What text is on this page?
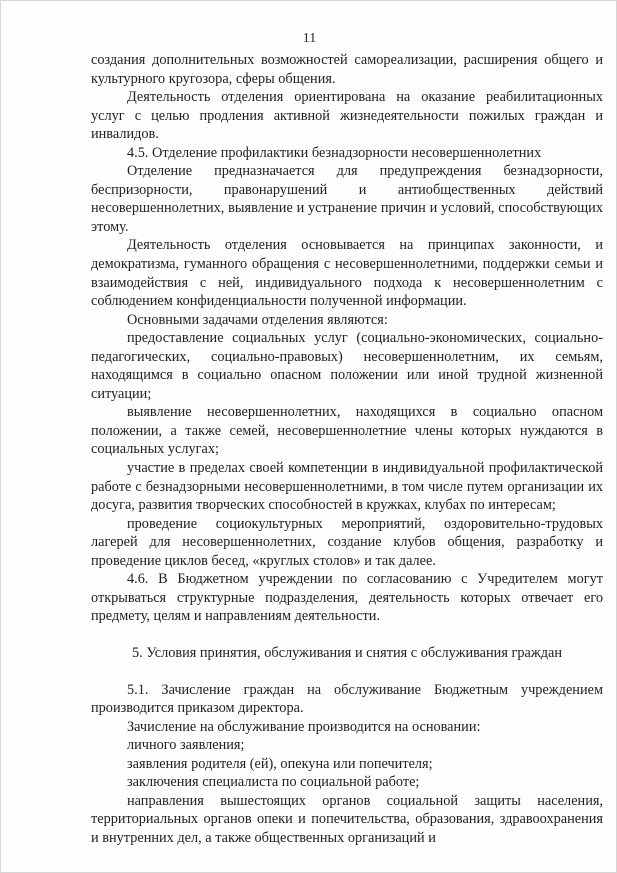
11

создания дополнительных возможностей самореализации, расширения общего и культурного кругозора, сферы общения.

Деятельность отделения ориентирована на оказание реабилитационных услуг с целью продления активной жизнедеятельности пожилых граждан и инвалидов.

4.5. Отделение профилактики безнадзорности несовершеннолетних

Отделение предназначается для предупреждения безнадзорности, беспризорности, правонарушений и антиобщественных действий несовершеннолетних, выявление и устранение причин и условий, способствующих этому.

Деятельность отделения основывается на принципах законности, и демократизма, гуманного обращения с несовершеннолетними, поддержки семьи и взаимодействия с ней, индивидуального подхода к несовершеннолетним с соблюдением конфиденциальности полученной информации.

Основными задачами отделения являются:

предоставление социальных услуг (социально-экономических, социально-педагогических, социально-правовых) несовершеннолетним, их семьям, находящимся в социально опасном положении или иной трудной жизненной ситуации;

выявление несовершеннолетних, находящихся в социально опасном положении, а также семей, несовершеннолетние члены которых нуждаются в социальных услугах;

участие в пределах своей компетенции в индивидуальной профилактической работе с безнадзорными несовершеннолетними, в том числе путем организации их досуга, развития творческих способностей в кружках, клубах по интересам;

проведение социокультурных мероприятий, оздоровительно-трудовых лагерей для несовершеннолетних, создание клубов общения, разработку и проведение циклов бесед, «круглых столов» и так далее.

4.6. В Бюджетном учреждении по согласованию с Учредителем могут открываться структурные подразделения, деятельность которых отвечает его предмету, целям и направлениям деятельности.

5. Условия принятия, обслуживания и снятия с обслуживания граждан

5.1. Зачисление граждан на обслуживание Бюджетным учреждением производится приказом директора.

Зачисление на обслуживание производится на основании:

личного заявления;

заявления родителя (ей), опекуна или попечителя;

заключения специалиста по социальной работе;

направления вышестоящих органов социальной защиты населения, территориальных органов опеки и попечительства, образования, здравоохранения и внутренних дел, а также общественных организаций и
